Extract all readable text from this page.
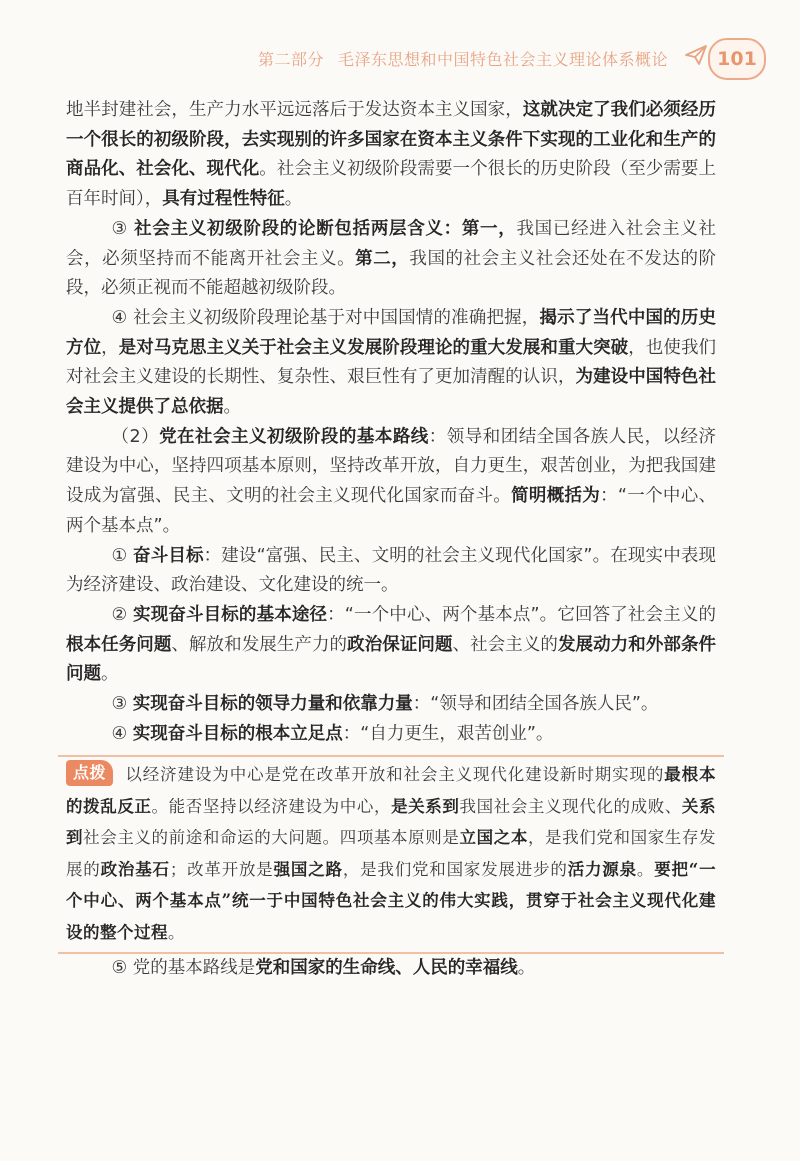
第二部分 毛泽东思想和中国特色社会主义理论体系概论	101

地半封建社会，生产力水平远远落后于发达资本主义国家，这就决定了我们必须经历一个很长的初级阶段，去实现别的许多国家在资本主义条件下实现的工业化和生产的商品化、社会化、现代化。社会主义初级阶段需要一个很长的历史阶段（至少需要上百年时间），具有过程性特征。

③ 社会主义初级阶段的论断包括两层含义：第一，我国已经进入社会主义社会，必须坚持而不能离开社会主义。第二，我国的社会主义社会还处在不发达的阶段，必须正视而不能超越初级阶段。

④ 社会主义初级阶段理论基于对中国国情的准确把握，揭示了当代中国的历史方位，是对马克思主义关于社会主义发展阶段理论的重大发展和重大突破，也使我们对社会主义建设的长期性、复杂性、艰巨性有了更加清醒的认识，为建设中国特色社会主义提供了总依据。

（2）党在社会主义初级阶段的基本路线：领导和团结全国各族人民，以经济建设为中心，坚持四项基本原则，坚持改革开放，自力更生，艰苦创业，为把我国建设成为富强、民主、文明的社会主义现代化国家而奋斗。简明概括为：“一个中心、两个基本点”。

① 奋斗目标：建设“富强、民主、文明的社会主义现代化国家”。在现实中表现为经济建设、政治建设、文化建设的统一。

② 实现奋斗目标的基本途径：“一个中心、两个基本点”。它回答了社会主义的根本任务问题、解放和发展生产力的政治保证问题、社会主义的发展动力和外部条件问题。

③ 实现奋斗目标的领导力量和依靠力量：“领导和团结全国各族人民”。

④ 实现奋斗目标的根本立足点：“自力更生，艰苦创业”。

点拨 以经济建设为中心是党在改革开放和社会主义现代化建设新时期实现的最根本的拨乱反正。能否坚持以经济建设为中心，是关系到我国社会主义现代化的成败、关系到社会主义的前途和命运的大问题。四项基本原则是立国之本，是我们党和国家生存发展的政治基石；改革开放是强国之路，是我们党和国家发展进步的活力源泉。要把“一个中心、两个基本点”统一于中国特色社会主义的伟大实践，贯穿于社会主义现代化建设的整个过程。

⑤ 党的基本路线是党和国家的生命线、人民的幸福线。
